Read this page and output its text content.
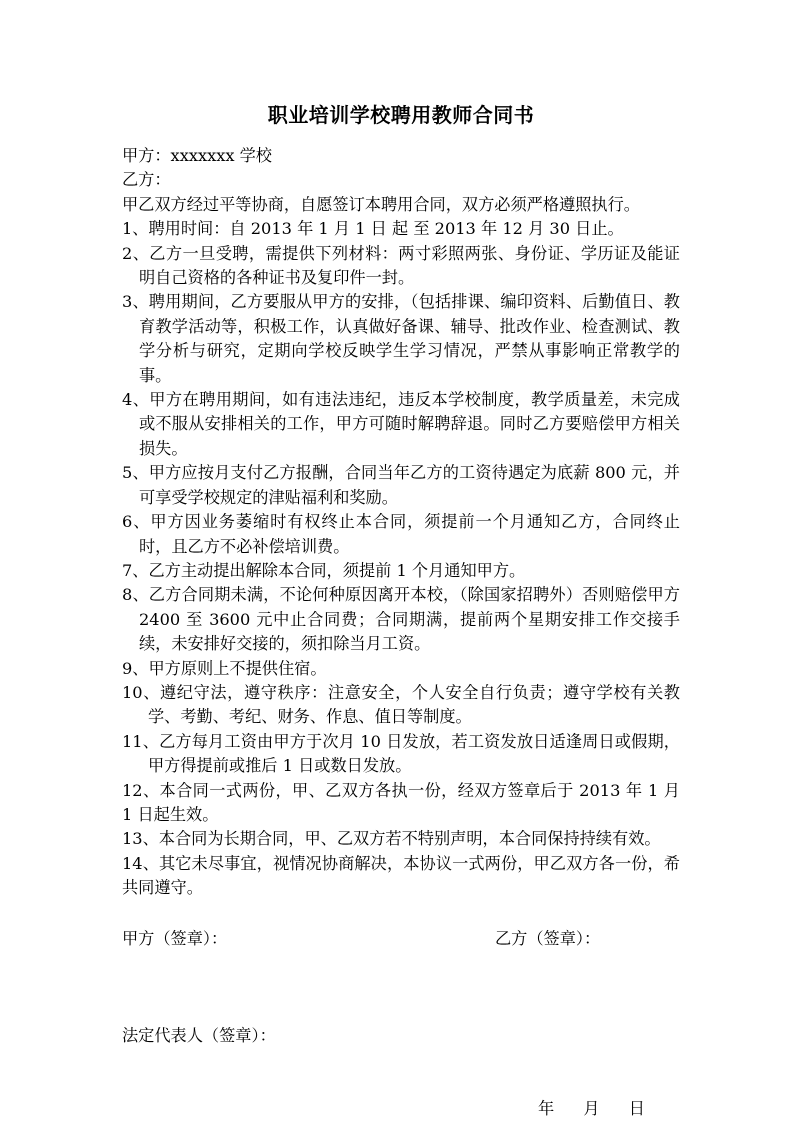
职业培训学校聘用教师合同书

甲方：xxxxxxx 学校

乙方：

甲乙双方经过平等协商，自愿签订本聘用合同，双方必须严格遵照执行。

1、聘用时间：自 2013 年 1 月 1 日 起 至 2013 年 12 月 30 日止。

2、乙方一旦受聘，需提供下列材料：两寸彩照两张、身份证、学历证及能证明自己资格的各种证书及复印件一封。

3、聘用期间，乙方要服从甲方的安排，（包括排课、编印资料、后勤值日、教育教学活动等，积极工作，认真做好备课、辅导、批改作业、检查测试、教学分析与研究，定期向学校反映学生学习情况，严禁从事影响正常教学的事。

4、甲方在聘用期间，如有违法违纪，违反本学校制度，教学质量差，未完成或不服从安排相关的工作，甲方可随时解聘辞退。同时乙方要赔偿甲方相关损失。

5、甲方应按月支付乙方报酬，合同当年乙方的工资待遇定为底薪 800 元，并可享受学校规定的津贴福利和奖励。

6、甲方因业务萎缩时有权终止本合同，须提前一个月通知乙方，合同终止时，且乙方不必补偿培训费。

7、乙方主动提出解除本合同，须提前 1 个月通知甲方。

8、乙方合同期未满，不论何种原因离开本校，（除国家招聘外）否则赔偿甲方 2400 至 3600 元中止合同费；合同期满，提前两个星期安排工作交接手续，未安排好交接的，须扣除当月工资。

9、甲方原则上不提供住宿。

10、遵纪守法，遵守秩序：注意安全，个人安全自行负责；遵守学校有关教学、考勤、考纪、财务、作息、值日等制度。

11、乙方每月工资由甲方于次月 10 日发放，若工资发放日适逢周日或假期，甲方得提前或推后 1 日或数日发放。

12、本合同一式两份，甲、乙双方各执一份，经双方签章后于 2013 年 1 月 1 日起生效。

13、本合同为长期合同，甲、乙双方若不特别声明，本合同保持持续有效。

14、其它未尽事宜，视情况协商解决，本协议一式两份，甲乙双方各一份，希共同遵守。

甲方（签章）：	乙方（签章）：
法定代表人（签章）：
年 月 日
